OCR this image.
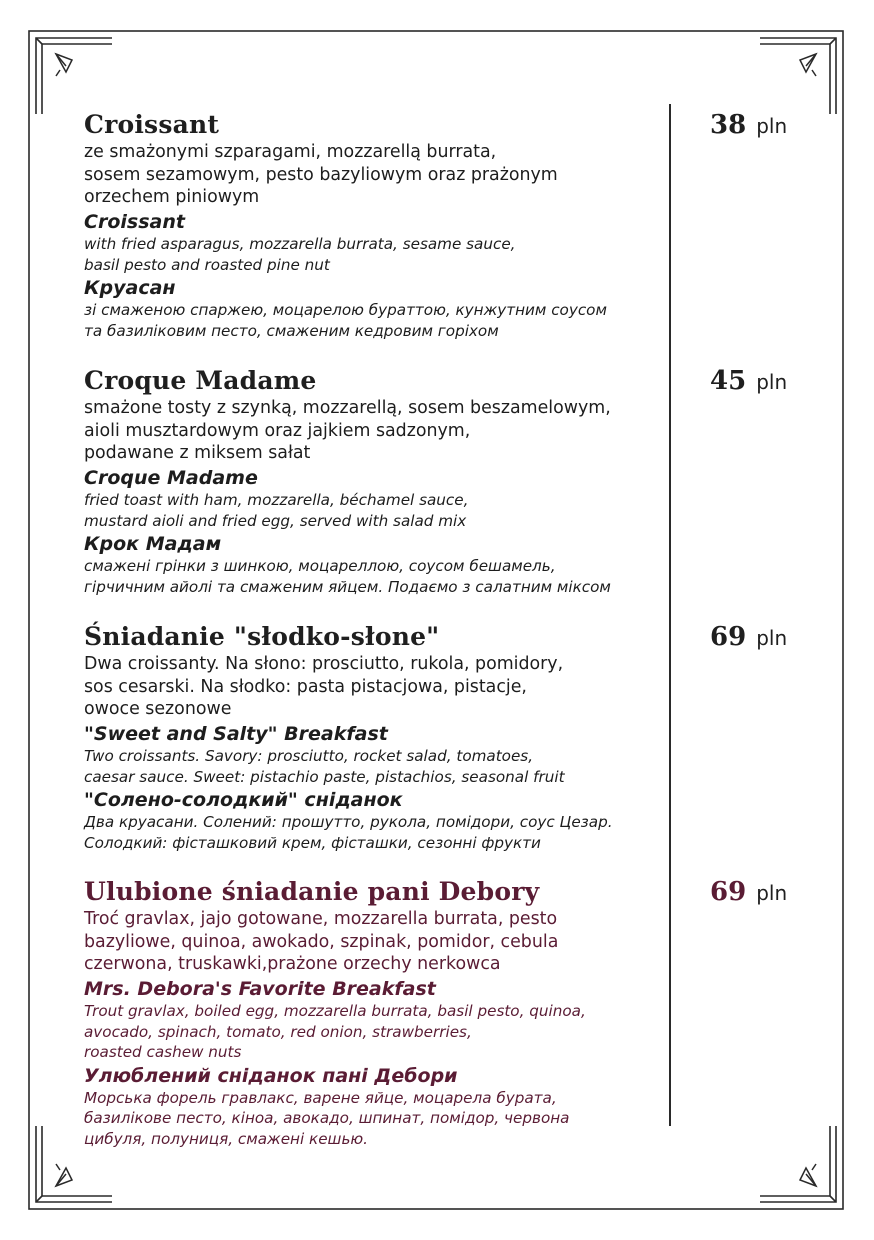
Croissant
ze smażonymi szparagami, mozzarellą burrata,
sosem sezamowym, pesto bazyliowym oraz prażonym
orzechem piniowym
Croissant
with fried asparagus, mozzarella burrata, sesame sauce,
basil pesto and roasted pine nut
Круасан
зі смаженою спаржею, моцарелою бураттою, кунжутним соусом
та базиліковим песто, смаженим кедровим горіхом
38 pln
Croque Madame
smażone tosty z szynką, mozzarellą, sosem beszamelowym,
aioli musztardowym oraz jajkiem sadzonym,
podawane z miksem sałat
Croque Madame
fried toast with ham, mozzarella, béchamel sauce,
mustard aioli and fried egg, served with salad mix
Крок Мадам
смажені грінки з шинкою, моцареллою, соусом бешамель,
гірчичним айолі та смаженим яйцем. Подаємо з салатним міксом
45 pln
Śniadanie "słodko-słone"
Dwa croissanty. Na słono: prosciutto, rukola, pomidory,
sos cesarski. Na słodko: pasta pistacjowa, pistacje,
owoce sezonowe
"Sweet and Salty" Breakfast
Two croissants. Savory: prosciutto, rocket salad, tomatoes,
caesar sauce. Sweet: pistachio paste, pistachios, seasonal fruit
"Солено-солодкий" сніданок
Два круасани. Солений: прошутто, рукола, помідори, соус Цезар.
Солодкий: фісташковий крем, фісташки, сезонні фрукти
69 pln
Ulubione śniadanie pani Debory
Troć gravlax, jajo gotowane, mozzarella burrata, pesto
bazyliowe, quinoa, awokado, szpinak, pomidor, cebula
czerwona, truskawki,prażone orzechy nerkowca
Mrs. Debora's Favorite Breakfast
Trout gravlax, boiled egg, mozzarella burrata, basil pesto, quinoa,
avocado, spinach, tomato, red onion, strawberries,
roasted cashew nuts
Улюблений сніданок пані Дебори
Морська форель гравлакс, варене яйце, моцарела бурата,
базилікове песто, кіноа, авокадо, шпинат, помідор, червона
цибуля, полуниця, смажені кешью.
69 pln
